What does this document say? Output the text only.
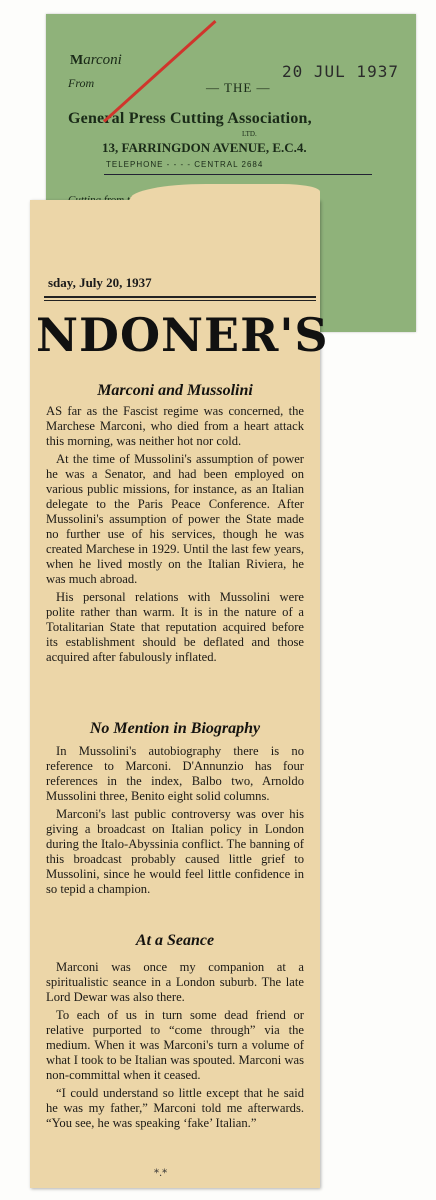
Marconi
From	— THE —
20 JUL 1937
General Press Cutting Association,
LTD.
13, FARRINGDON AVENUE, E.C.4.
TELEPHONE - - - - CENTRAL 2684
sday, July 20, 1937
NDONER'S
Marconi and Mussolini

AS far as the Fascist regime was concerned, the Marchese Marconi, who died from a heart attack this morning, was neither hot nor cold.

At the time of Mussolini's assumption of power he was a Senator, and had been employed on various public missions, for instance, as an Italian delegate to the Paris Peace Conference. After Mussolini's assumption of power the State made no further use of his services, though he was created Marchese in 1929. Until the last few years, when he lived mostly on the Italian Riviera, he was much abroad.

His personal relations with Mussolini were polite rather than warm. It is in the nature of a Totalitarian State that reputation acquired before its establishment should be deflated and those acquired after fabulously inflated.

No Mention in Biography

In Mussolini's autobiography there is no reference to Marconi. D'Annunzio has four references in the index, Balbo two, Arnoldo Mussolini three, Benito eight solid columns.

Marconi's last public controversy was over his giving a broadcast on Italian policy in London during the Italo-Abyssinia conflict. The banning of this broadcast probably caused little grief to Mussolini, since he would feel little confidence in so tepid a champion.

At a Seance

Marconi was once my companion at a spiritualistic seance in a London suburb. The late Lord Dewar was also there.

To each of us in turn some dead friend or relative purported to “come through” via the medium. When it was Marconi's turn a volume of what I took to be Italian was spouted. Marconi was non-committal when it ceased.

“I could understand so little except that he said he was my father,” Marconi told me afterwards. “You see, he was speaking ‘fake’ Italian.”

*.*
